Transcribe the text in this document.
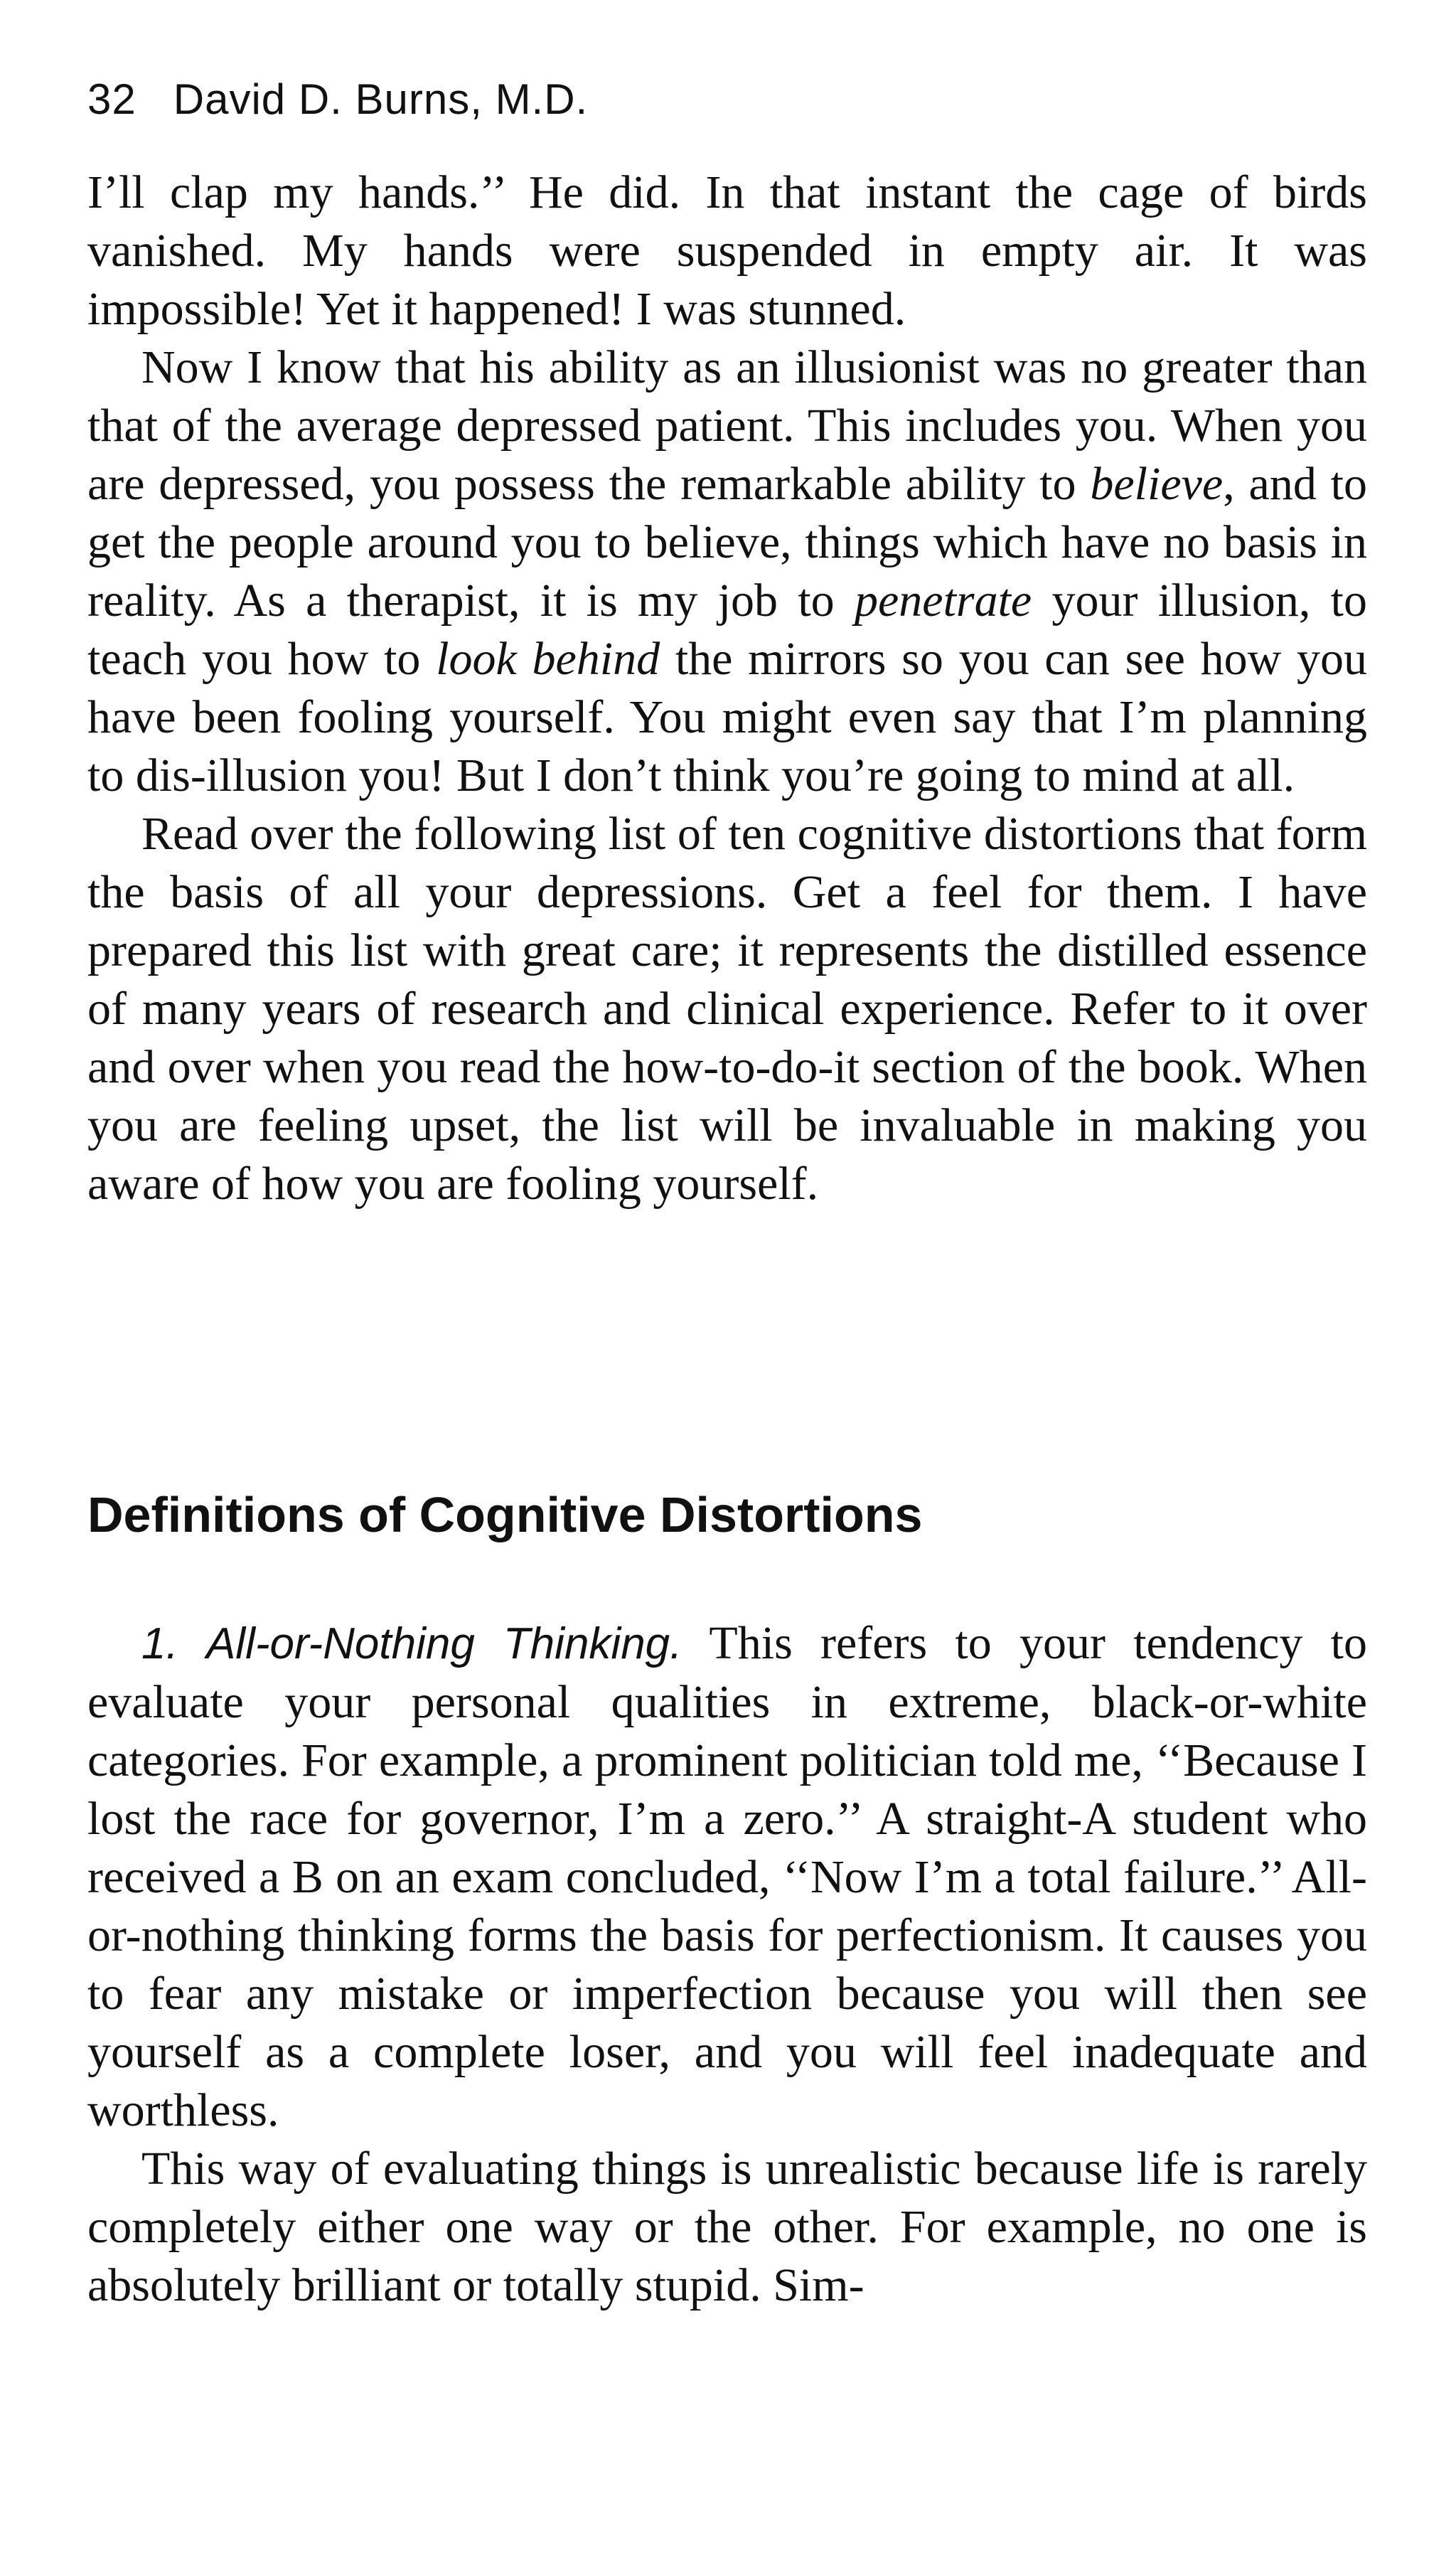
32 David D. Burns, M.D.

I’ll clap my hands.’’ He did. In that instant the cage of birds vanished. My hands were suspended in empty air. It was impossible! Yet it happened! I was stunned.

Now I know that his ability as an illusionist was no greater than that of the average depressed patient. This includes you. When you are depressed, you possess the remarkable ability to believe, and to get the people around you to believe, things which have no basis in reality. As a therapist, it is my job to penetrate your illusion, to teach you how to look behind the mirrors so you can see how you have been fooling yourself. You might even say that I’m planning to dis-illusion you! But I don’t think you’re going to mind at all.

Read over the following list of ten cognitive distortions that form the basis of all your depressions. Get a feel for them. I have prepared this list with great care; it represents the distilled essence of many years of research and clinical experience. Refer to it over and over when you read the how-to-do-it section of the book. When you are feeling upset, the list will be invaluable in making you aware of how you are fooling yourself.

Definitions of Cognitive Distortions

1. All-or-Nothing Thinking. This refers to your tendency to evaluate your personal qualities in extreme, black-or-white categories. For example, a prominent politician told me, ‘‘Because I lost the race for governor, I’m a zero.’’ A straight-A student who received a B on an exam concluded, ‘‘Now I’m a total failure.’’ All-or-nothing thinking forms the basis for perfectionism. It causes you to fear any mistake or imperfection because you will then see yourself as a complete loser, and you will feel inadequate and worthless.

This way of evaluating things is unrealistic because life is rarely completely either one way or the other. For example, no one is absolutely brilliant or totally stupid. Sim-
